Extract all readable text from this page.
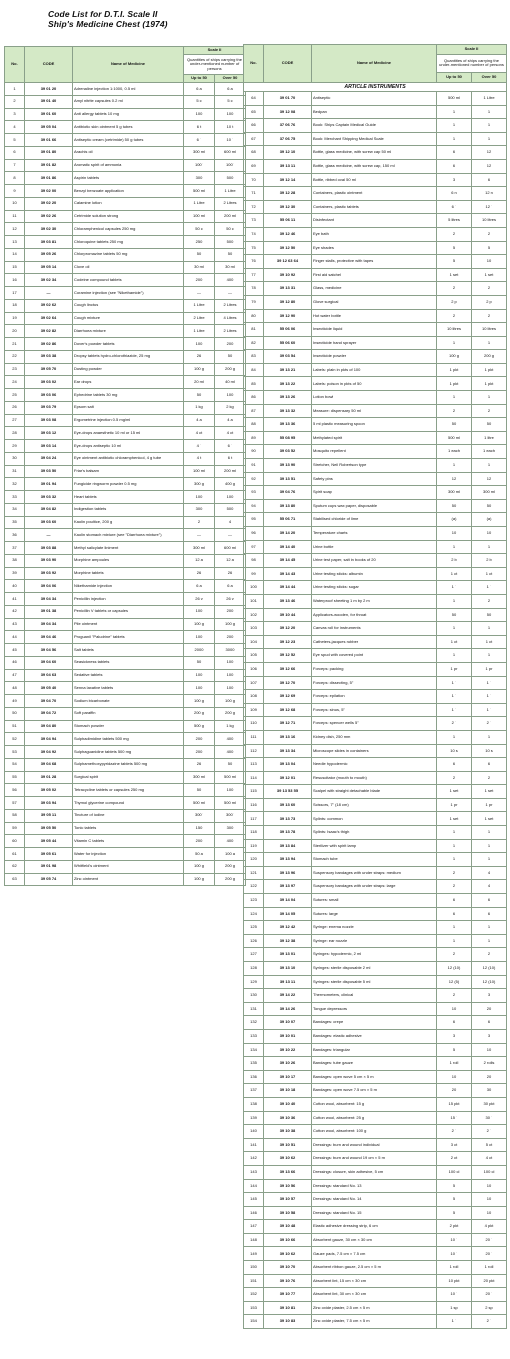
Code List for D.T.I. Scale II
Ship's Medicine Chest (1974)
No.	CODE	Name of Medicine	Scale II	
			Quantities of ships carrying the under-mentioned number of persons	
			Up to 50	Over 50
1	39 01 20	Adrenaline injection 1:1000, 0.5 ml	6 a	6 a
2	39 01 40	Amyl nitrite capsules 0.2 ml	5 c	5 c
3	39 01 60	Anti allergy tablets 10 mg	100	100
4	39 05 04	Antibiotic skin ointment 5 g tubes	6 t	10 t
5	39 01 66	Antiseptic cream (cetrimide) 50 g tubes	6 ˙	10 ˙
6	39 01 80	Arachis oil	300 ml	600 ml
7	39 01 82	Aromatic spirit of ammonia	100˙	100˙
8	39 01 86	Aspirin tablets	300	500
9	39 02 00	Benzyl benzoate application	500 ml	1 Litre
10	39 02 20	Calamine lotion	1 Litre	2 Litres
11	39 02 26	Cetrimide solution strong	100 ml	200 ml
12	39 02 30	Chloramphenicol capsules 250 mg	50 c	50 c
13	39 03 81	Chloroquine tablets 250 mg	250	500
14	39 05 26	Chlorpromazine tablets 50 mg	50	50
15	39 05 14	Clove oil	30 ml	30 ml
16	39 02 34	Codeine compound tablets	200	400
17	—	Coramine injection (see "Nikethamide")	—	—
18	39 02 62	Cough linctus	1 Litre	2 Litres
19	39 02 64	Cough mixture	2 Litre	4 Litres
20	39 02 82	Diarrhoea mixture	1 Litre	2 Litres
21	39 02 86	Dover's powder tablets	100	200
22	39 03 38	Dropsy tablets hydro-chlorothiazide, 25 mg	26	50
23	39 05 70	Dusting powder	100 g	200 g
24	39 03 02	Ear drops	20 ml	40 ml
25	39 03 06	Ephedrine tablets 30 mg	50	100
26	39 03 79	Epsom salt	1 kg	2 kg
27	39 03 08	Ergometrine injection 0.5 mg/ml	4 a	4 a
28	39 03 12	Eye-drops anaesthetic 10 ml or 15 ml	4 ct	4 ct
29	39 03 14	Eye-drops antiseptic 10 ml	4 ˙	6 ˙
30	39 04 24	Eye ointment antibiotic chloramphenicol, 4 g tube	4 t	6 t
31	39 03 50	Friar's balsam	100 ml	200 ml
32	39 01 94	Fungicide ringworm powder 0.5 mg	300 g	400 g
33	39 03 32	Heart tablets	100	100
34	39 04 82	Indigestion tablets	300	500
35	39 03 60	Kaolin poultice, 200 g	2	4
36	—	Kaolin stomach mixture (see "Diarrhoea mixture")	—	—
37	39 03 88	Methyl salicylate liniment	300 ml	600 ml
38	39 03 90	Morphine ampoules	12 a	12 a
39	39 03 92	Morphine tablets	26	26
40	39 04 06	Nikethamide injection	6 a	6 a
41	39 04 34	Penicillin injection	26 v	26 v
42	39 01 38	Penicillin V tablets or capsules	100	200
43	39 04 34	Pile ointment	100 g	100 g
44	39 04 46	Proguanil "Paludrine" tablets	100	200
45	39 04 56	Salt tablets	2000	3000
46	39 04 60	Seasickness tablets	50	100
47	39 04 63	Sedative tablets	100	100
48	39 05 40	Senna laxative tablets	100	100
49	39 04 70	Sodium bicarbonate	100 g	100 g
50	39 04 72	Soft paraffin	200 g	200 g
51	39 04 80	Stomach powder	500 g	1 kg
52	39 04 94	Sulphadimidine tablets 500 mg	200	400
53	39 04 92	Sulphaguanidine tablets 500 mg	200	400
54	39 04 68	Sulphamethoxypyridazine tablets 500 mg	26	50
55	39 01 28	Surgical spirit	300 ml	500 ml
56	39 05 02	Tetracycline tablets or capsules 250 mg	50	100
57	39 03 94	Thymol glycerine compound	500 ml	500 ml
58	39 05 11	Tincture of iodine	300˙	300˙
59	39 05 50	Tonic tablets	150	300
60	39 05 44	Vitamin C tablets	200	400
61	39 05 61	Water for injection	50 a	100 a
62	39 01 98	Whitfield's ointment	100 g	200 g
63	39 05 74	Zinc ointment	100 g	200 g
No.	CODE	Name of Medicine	Scale II	
			Quantities of ships carrying the under-mentioned number of persons	
			Up to 50	Over 50
ARTICLE INSTRUMENTS				
64	39 01 70	Antiseptic	500 ml	1 Litre
65	39 12 08	Bedpan	1	1
66	37 06 76	Book: Ships Captain Medical Guide	1	1
67	37 06 75	Book: Merchant Shipping Medical Scale	1	1
68	39 12 10	Bottle, glass medicine, with screw cap 50 ml	6	12
69	39 13 11	Bottle, glass medicine, with screw cap, 150 ml	6	12
70	39 12 14	Bottle, ribbed oval 50 ml	3	6
71	39 12 28	Containers, plastic ointment	6 n	12 n
72	39 12 30	Containers, plastic tablets	6 ˙	12 ˙
73	55 06 11	Disinfectant	5 litres	10 litres
74	39 12 46	Eye bath	2	2
75	39 12 50	Eye shades	5	5
76	39 12 63 64	Finger stalls, protective with tapes	5	10
77	39 10 92	First aid satchel	1 set	1 set
78	39 13 31	Glass, medicine	2	2
79	39 12 80	Glove surgical	2 p	2 p
80	39 12 90	Hot water bottle	2	2
81	55 06 06	Insecticide liquid	10 litres	10 litres
82	55 06 60	Insecticide hand sprayer	1	1
83	39 03 54	Insecticide powder	100 g	200 g
84	39 13 21	Labels: plain in pkts of 100	1 pkt	1 pkt
85	39 13 22	Labels: poison in pkts of 50	1 pkt	1 pkt
86	39 13 26	Lotion bowl	1	1
87	39 13 32	Measure: dispensary 50 ml	2	2
88	39 13 36	5 ml plastic measuring spoon	50	50
89	55 08 95	Methylated spirit	500 ml	1 litre
90	39 03 52	Mosquito repellent	1 each	1 each
91	39 13 90	Stretcher, Neil Robertson type	1	1
92	39 13 51	Safety pins	12	12
93	39 04 76	Spirit soap	300 ml	300 ml
94	39 13 80	Sputum cups wax paper, disposable	50	50
95	55 06 71	Stabilised chloride of lime	(a)	(a)
96	39 14 20	Temperature charts	10	10
97	39 14 40	Urine bottle	1	1
98	39 14 45	Urine test paper, salt in books of 20	2 b	2 b
99	39 14 43	Urine testing sticks: albumin	1 ct	1 ct
100	39 14 44	Urine testing sticks: sugar	1 ˙	1 ˙
101	39 13 46	Waterproof sheeting 1 m by 2 m	1	2
102	39 10 44	Applicators-wooden, for throat	50	50
103	39 12 20	Canvas roll for instruments	1	1
104	39 12 23	Catheters-jacques rubber	1 ct	1 ct
105	39 12 52	Eye spud with covered point	1	1
106	39 12 66	Forceps: packing	1 pr	1 pr
107	39 12 70	Forceps: dissecting, 5"	1 ˙	1 ˙
108	39 12 69	Forceps: epilation	1 ˙	1 ˙
109	39 12 68	Forceps: sinus, 5"	1 ˙	1 ˙
110	39 12 71	Forceps: spencer wells 5"	2 ˙	2 ˙
111	39 13 16	Kidney dish, 250 mm	1	1
112	39 13 34	Microscope slides in containers	10 s	10 s
113	39 13 04	Needle hypodermic	6	6
114	39 12 01	Resuscitator (mouth to mouth)	2	2
115	39 13 53 55	Scalpel with straight detachable blade	1 set	1 set
116	39 13 60	Scissors, 7" (18 cm)	1 pr	1 pr
117	39 13 73	Splints: common	1 set	1 set
118	39 13 78	Splints: Isaac's thigh	1	1
119	39 13 84	Sterilizer with spirit lamp	1	1
120	39 13 94	Stomach tube	1	1
121	39 13 96	Suspensory bandages with under straps: medium	2	4
122	39 13 97	Suspensory bandages with under straps: large	2	4
123	39 14 04	Sutures: small	6	6
124	39 14 05	Sutures: large	6	6
125	39 12 42	Syringe: enema nozzle	1	1
126	39 12 38	Syringe: ear nozzle	1	1
127	39 13 01	Syringes: hypodermic, 2 ml	2	2
128	39 13 10	Syringes: sterile disposable 2 ml	12 (10)	12 (10)
129	39 13 11	Syringes: sterile disposable 5 ml	12 (5)	12 (10)
130	39 14 22	Thermometers, clinical	2	3
131	39 14 26	Tongue depressors	10	20
132	39 10 07	Bandages: crepe	6	6
133	39 10 01	Bandages: elastic adhesive	3	3
134	39 10 22	Bandages: triangular	5	10
135	39 10 26	Bandages: tube gauze	1 roll	2 rolls
136	39 10 17	Bandages: open wove 5 cm × 5 m	10	20
137	39 10 18	Bandages: open wove 7.5 cm × 5 m	20	30
138	39 10 40	Cotton wool, absorbent: 15 g	15 pkt	30 pkt
139	39 10 36	Cotton wool, absorbent: 25 g	15 ˙	30 ˙
140	39 10 38	Cotton wool, absorbent: 100 g	2 ˙	2 ˙
141	39 10 51	Dressings: burn and wound individual	3 ct	5 ct
142	39 10 62	Dressings: burn and wound 19 cm × 5 m	2 ct	4 ct
143	39 13 66	Dressings: closure, skin adhesive, 5 cm	100 cl	100 cl
144	39 10 56	Dressings: standard No. 13	5	10
145	39 10 57	Dressings: standard No. 14	5	10
146	39 10 58	Dressings: standard No. 15	5	10
147	39 10 48	Elastic adhesive dressing strip, 6 cm	2 pkt	4 pkt
148	39 10 66	Absorbent gauze, 30 cm × 30 cm	10 ˙	20 ˙
149	39 10 62	Gauze pads, 7.5 cm × 7.5 cm	10 ˙	20 ˙
150	39 10 70	Absorbent ribbon gauze, 2.5 cm × 5 m	1 roll	1 roll
151	39 10 76	Absorbent lint, 15 cm × 30 cm	10 pkt	20 pkt
152	39 10 77	Absorbent lint, 30 cm × 30 cm	10 ˙	20 ˙
153	39 10 81	Zinc oxide plaster, 2.5 cm × 5 m	1 sp	2 sp
154	39 10 83	Zinc oxide plaster, 7.5 cm × 5 m	1 ˙	2 ˙
